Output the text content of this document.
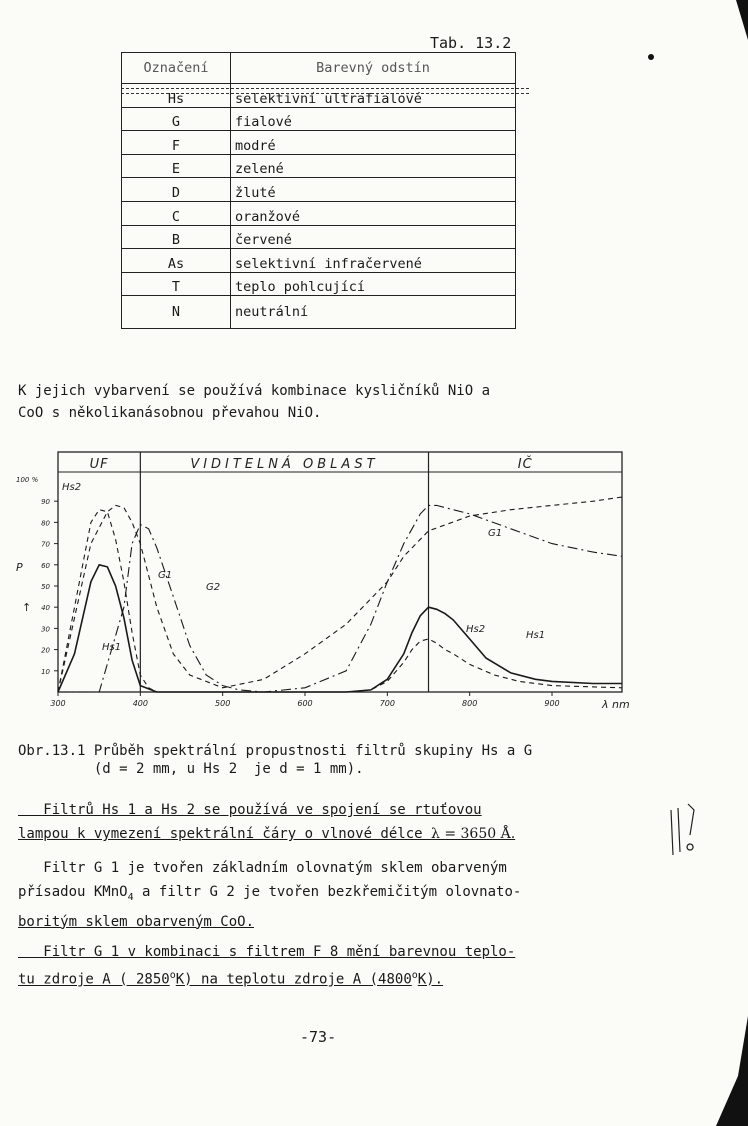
Tab. 13.2
Označení	Barevný odstín
Hs	selektivní ultrafialové
G	fialové
F	modré
E	zelené
D	žluté
C	oranžové
B	červené
As	selektivní infračervené
T	teplo pohlcující
N	neutrální
K jejich vybarvení se používá kombinace kysličníků NiO a
CoO s několikanásobnou převahou NiO.
UF	VIDITELNÁ OBLAST	IČ
10
20
30
40
50
60
70
80
90
100 %
P
↑
300	400	500	600	700	800	900	λ nm
Hs2
Hs1
G1
G2
Hs2
Hs1
G1
Obr.13.1 Průběh spektrální propustnosti filtrů skupiny Hs a G
(d = 2 mm, u Hs 2  je d = 1 mm).
Filtrů Hs 1 a Hs 2 se používá ve spojení se rtuťovou
lampou k vymezení spektrální čáry o vlnové délce λ = 3650 Å.
Filtr G 1 je tvořen základním olovnatým sklem obarveným
přísadou KMnO$_4$ a filtr G 2 je tvořen bezkřemičitým olovnato-
boritým sklem obarveným CoO.
Filtr G 1 v kombinaci s filtrem F 8 mění barevnou teplo-
tu zdroje A ( 2850$^o$K) na teplotu zdroje A (4800$^o$K).
-73-
